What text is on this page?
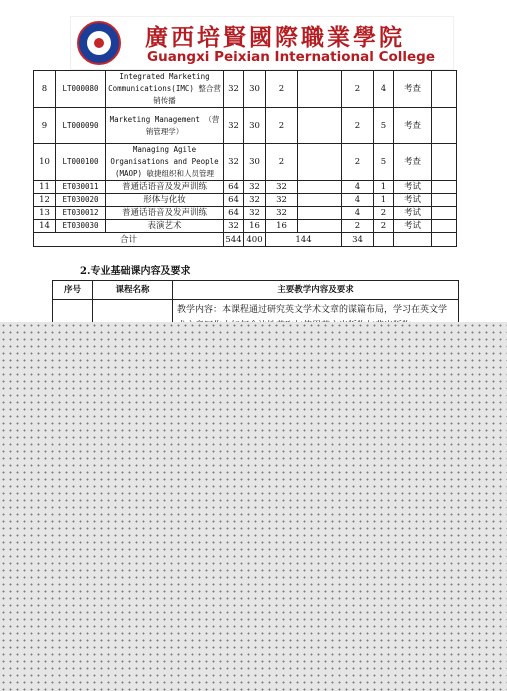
廣西培賢國際職業學院
Guangxi Peixian International College
8	LT000080	Integrated Marketing Communications(IMC) 整合营销传播	32	30	2		2	4	考查	
9	LT000090	Marketing Management （营销管理学）	32	30	2		2	5	考查	
10	LT000100	Managing Agile Organisations and People (MAOP) 敏捷组织和人员管理	32	30	2		2	5	考查	
11	ET030011	普通话语音及发声训练	64	32	32		4	1	考试	
12	ET030020	形体与化妆	64	32	32		4	1	考试	
13	ET030012	普通话语音及发声训练	64	32	32		4	2	考试	
14	ET030030	表演艺术	32	16	16		2	2	考试	
合计			544	400	144		34			
2.专业基础课内容及要求
序号	课程名称	主要教学内容及要求
		教学内容：本课程通过研究英文学术文章的谋篇布局，学习在英文学
